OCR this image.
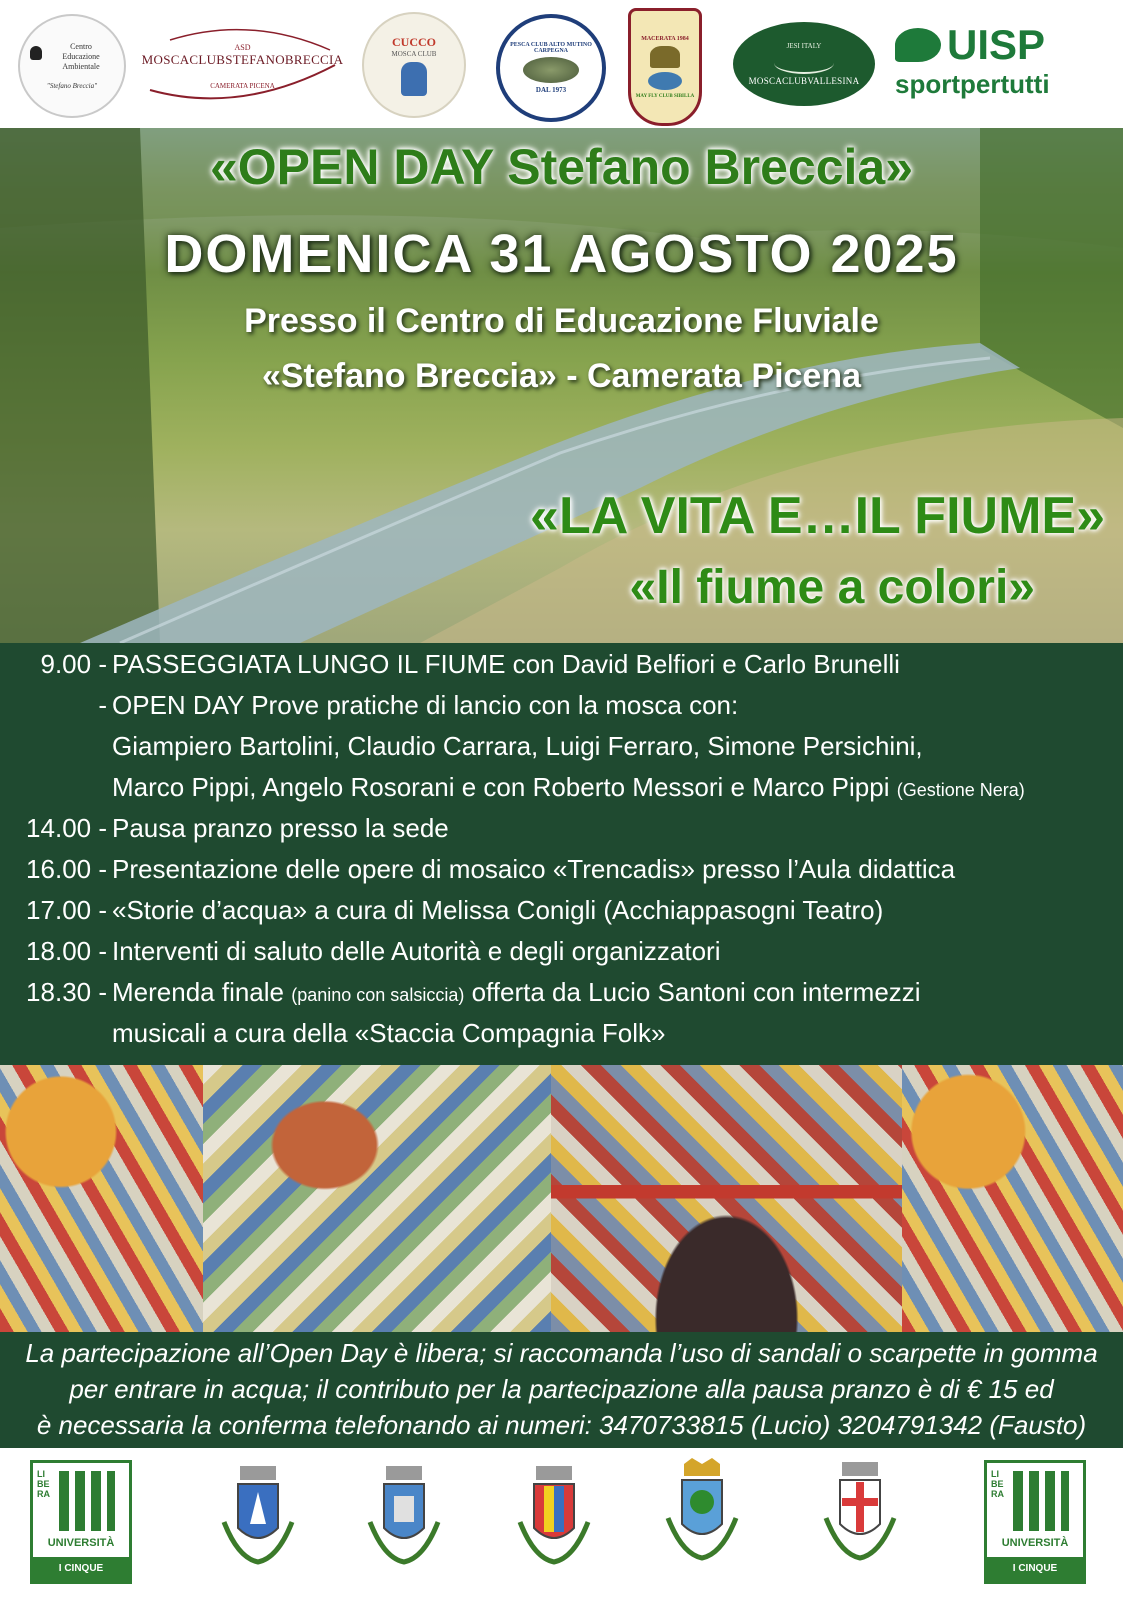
Centro
Educazione
Ambientale
"Stefano Breccia"
ASD
MOSCACLUBSTEFANOBRECCIA
CAMERATA PICENA
CUCCO
MOSCA CLUB
PESCA CLUB ALTO MUTINO CARPEGNA
DAL 1973
MACERATA 1984
MAY FLY CLUB SIBILLA
JESI ITALY
MOSCACLUBVALLESINA
UISP
sportpertutti
«OPEN DAY Stefano Breccia»
DOMENICA 31 AGOSTO 2025
Presso il Centro di Educazione Fluviale
«Stefano Breccia» - Camerata Picena
«LA VITA E…IL FIUME»
«Il fiume a colori»
9.00 - PASSEGGIATA LUNGO IL FIUME con David Belfiori e Carlo Brunelli
- OPEN DAY Prove pratiche di lancio con la mosca con:
Giampiero Bartolini, Claudio Carrara, Luigi Ferraro, Simone Persichini,
Marco Pippi, Angelo Rosorani e con Roberto Messori e Marco Pippi (Gestione Nera)
14.00 - Pausa pranzo presso la sede
16.00 - Presentazione delle opere di mosaico «Trencadis» presso l’Aula didattica
17.00 - «Storie d’acqua» a cura di Melissa Conigli (Acchiappasogni Teatro)
18.00 - Interventi di saluto delle Autorità e degli organizzatori
18.30 - Merenda finale (panino con salsiccia) offerta da Lucio Santoni con intermezzi
musicali a cura della «Staccia Compagnia Folk»
La partecipazione all’Open Day è libera; si raccomanda l’uso di sandali o scarpette in gomma
per entrare in acqua; il contributo per la partecipazione alla pausa pranzo è di € 15 ed
è necessaria la conferma telefonando ai numeri: 3470733815 (Lucio) 3204791342 (Fausto)
LIBERA
UNIVERSITÀ
I CINQUE CASTELLI
LIBERA
UNIVERSITÀ
I CINQUE CASTELLI
